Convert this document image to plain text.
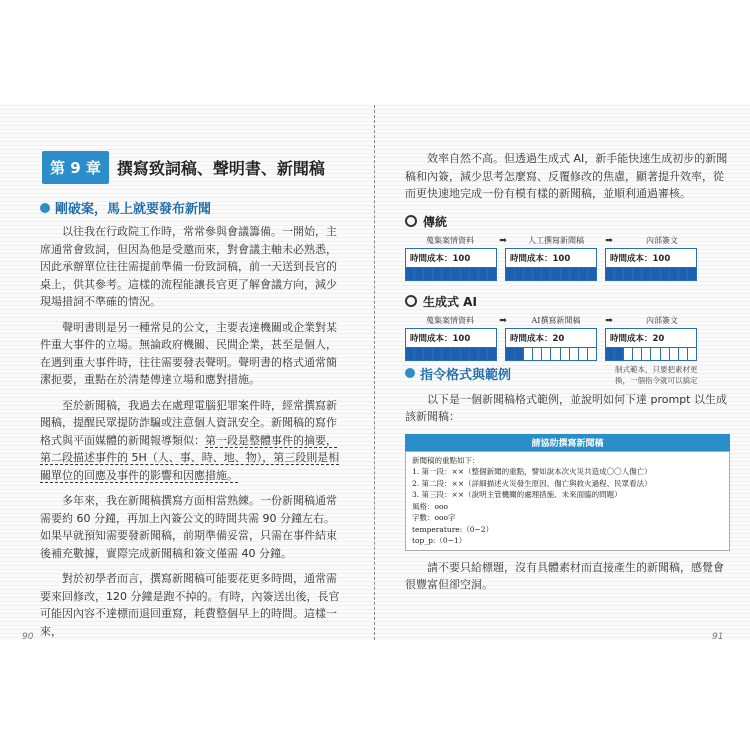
第 9 章	撰寫致詞稿、聲明書、新聞稿
剛破案，馬上就要發布新聞

以往我在行政院工作時，常常參與會議籌備。一開始，主席通常會致詞，但因為他是受邀而來，對會議主軸未必熟悉，因此承辦單位往往需提前準備一份致詞稿，前一天送到長官的桌上，供其參考。這樣的流程能讓長官更了解會議方向，減少現場措詞不準確的情況。

聲明書則是另一種常見的公文，主要表達機關或企業對某件重大事件的立場。無論政府機關、民間企業，甚至是個人，在遇到重大事件時，往往需要發表聲明。聲明書的格式通常簡潔扼要，重點在於清楚傳達立場和應對措施。

至於新聞稿，我過去在處理電腦犯罪案件時，經常撰寫新聞稿，提醒民眾提防詐騙或注意個人資訊安全。新聞稿的寫作格式與平面媒體的新聞報導類似：第一段是整體事件的摘要，第二段描述事件的 5H（人、事、時、地、物），第三段則是相關單位的回應及事件的影響和因應措施。

多年來，我在新聞稿撰寫方面相當熟練。一份新聞稿通常需要約 60 分鐘，再加上內簽公文的時間共需 90 分鐘左右。如果早就預知需要發新聞稿，前期準備妥當，只需在事件結束後補充數據，實際完成新聞稿和簽文僅需 40 分鐘。

對於初學者而言，撰寫新聞稿可能要花更多時間，通常需要來回修改，120 分鐘是跑不掉的。有時，內簽送出後，長官可能因內容不達標而退回重寫，耗費整個早上的時間。這樣一來，

90

效率自然不高。但透過生成式 AI，新手能快速生成初步的新聞稿和內簽，減少思考怎麼寫、反覆修改的焦慮，顯著提升效率，從而更快速地完成一份有模有樣的新聞稿，並順利通過審核。

傳統
蒐集案情資料	➡	人工撰寫新聞稿	➡	內部簽文
時間成本：100	時間成本：100	時間成本：100
生成式 AI
蒐集案情資料	➡	AI撰寫新聞稿	➡	內部簽文
時間成本：100	時間成本：20	時間成本：20
制式範本，只要把素材更換，一個指令就可以搞定
指令格式與範例

以下是一個新聞稿格式範例，並說明如何下達 prompt 以生成該新聞稿：

請協助撰寫新聞稿
新聞稿的重點如下：
1. 第一段：××（整個新聞的重點，譬如說本次火災共造成〇〇人傷亡）
2. 第二段：××（詳細描述火災發生原因、傷亡與救火過程、民眾看法）
3. 第三段：××（說明主管機關的處理措施、未來面臨的問題）
風格：ooo
字數：ooo字
temperature:（0~2）
top_p:（0~1）

請不要只給標題，沒有具體素材而直接產生的新聞稿，感覺會很豐富但卻空洞。

91
